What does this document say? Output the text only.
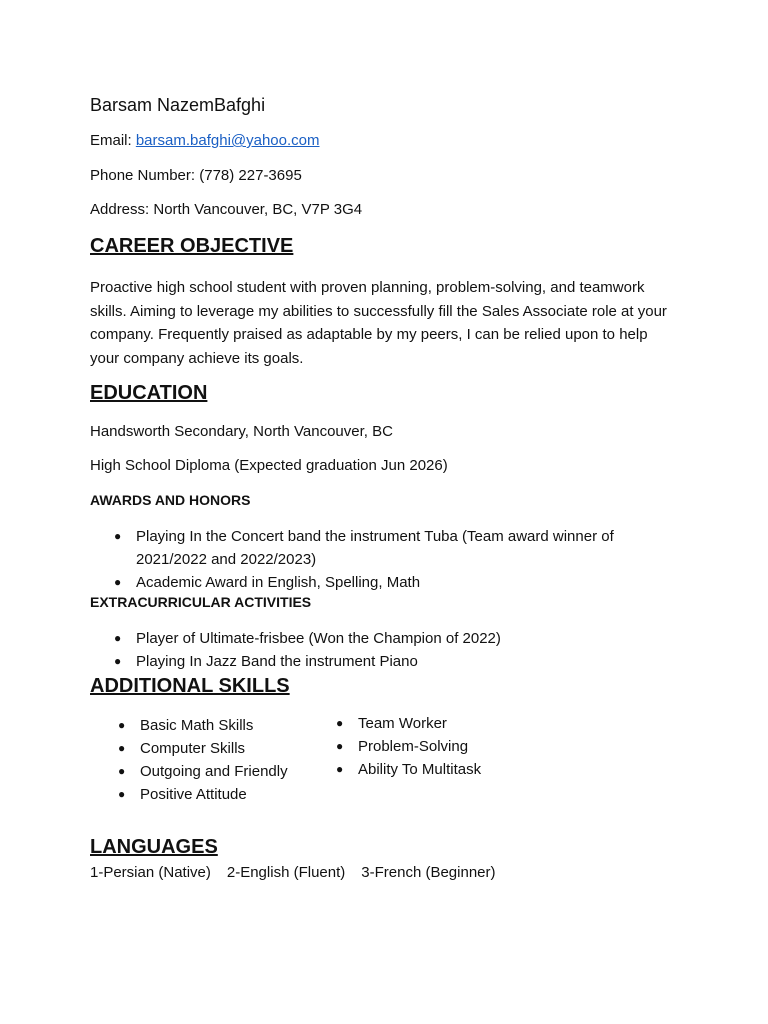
Barsam NazemBafghi
Email: barsam.bafghi@yahoo.com
Phone Number: (778) 227-3695
Address: North Vancouver, BC, V7P 3G4
CAREER OBJECTIVE
Proactive high school student with proven planning, problem-solving, and teamwork skills. Aiming to leverage my abilities to successfully fill the Sales Associate role at your company. Frequently praised as adaptable by my peers, I can be relied upon to help your company achieve its goals.
EDUCATION
Handsworth Secondary, North Vancouver, BC
High School Diploma (Expected graduation Jun 2026)
AWARDS AND HONORS
● Playing In the Concert band the instrument Tuba (Team award winner of 2021/2022 and 2022/2023)
● Academic Award in English, Spelling, Math
EXTRACURRICULAR ACTIVITIES
● Player of Ultimate-frisbee (Won the Champion of 2022)
● Playing In Jazz Band the instrument Piano
ADDITIONAL SKILLS
● Basic Math Skills
● Computer Skills
● Outgoing and Friendly
● Positive Attitude
● Team Worker
● Problem-Solving
● Ability To Multitask
LANGUAGES
1-Persian (Native) 2-English (Fluent) 3-French (Beginner)
